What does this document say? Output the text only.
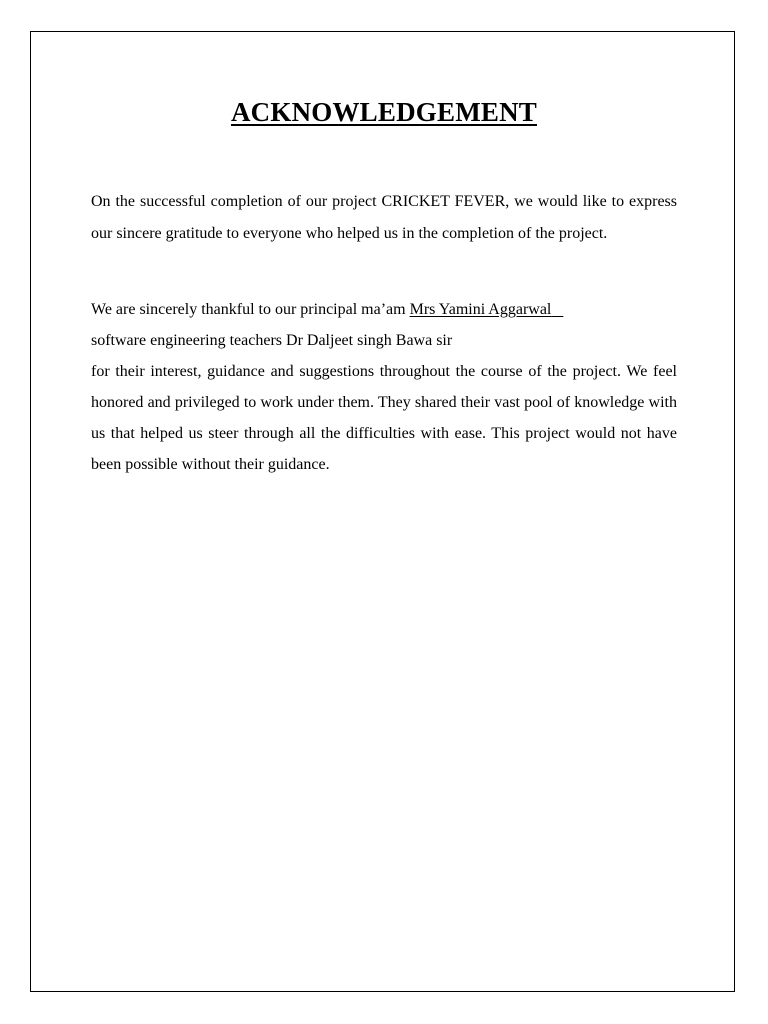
ACKNOWLEDGEMENT

On the successful completion of our project CRICKET FEVER, we would like to express our sincere gratitude to everyone who helped us in the completion of the project.

We are sincerely thankful to our principal ma’am Mrs Yamini Aggarwal
software engineering teachers Dr Daljeet singh Bawa sir
for their interest, guidance and suggestions throughout the course of the project. We feel honored and privileged to work under them. They shared their vast pool of knowledge with us that helped us steer through all the difficulties with ease. This project would not have been possible without their guidance.
